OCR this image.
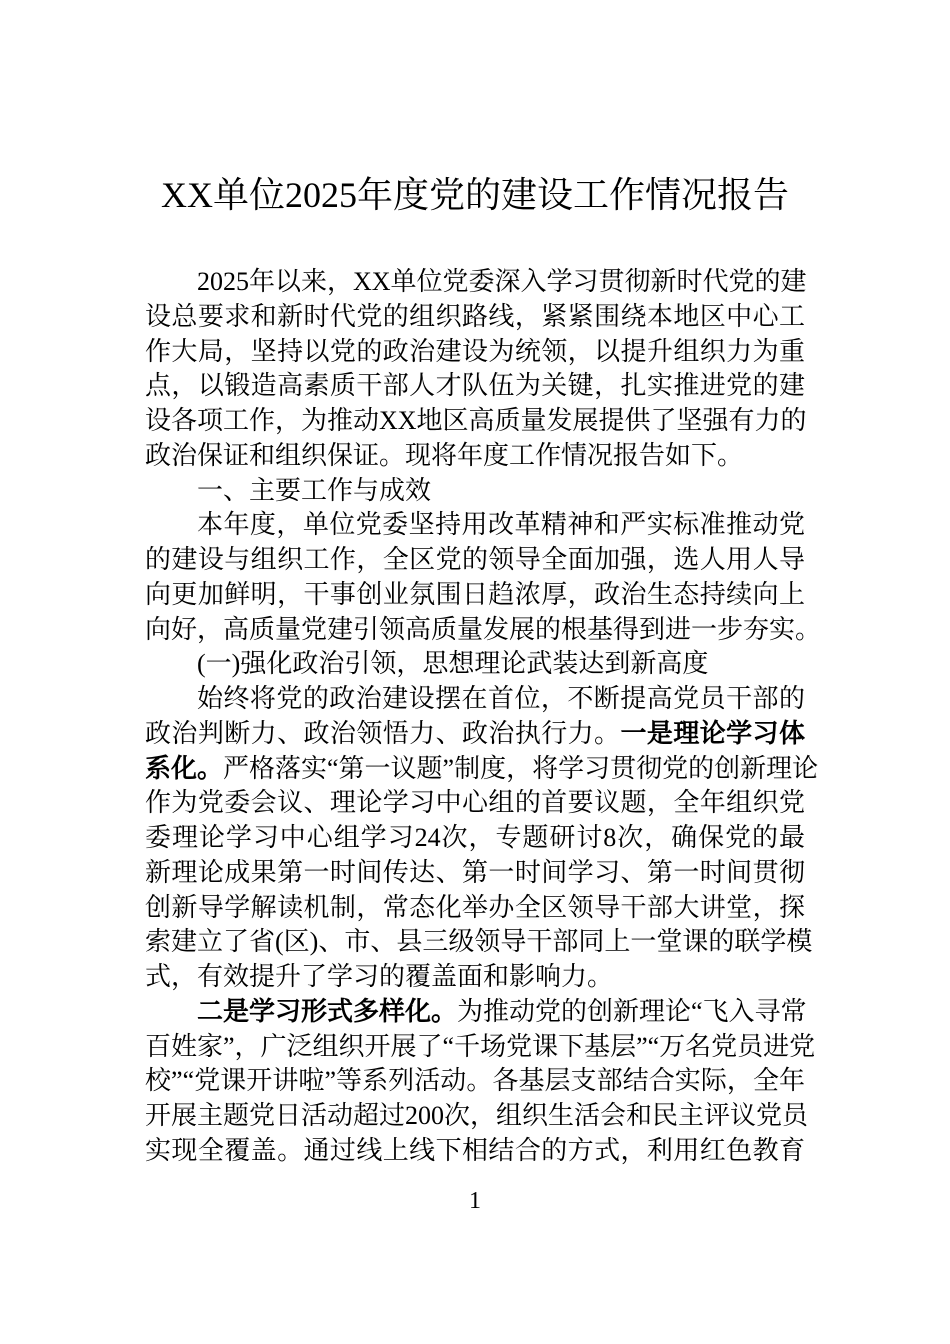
XX单位2025年度党的建设工作情况报告
2025年以来，XX单位党委深入学习贯彻新时代党的建
设总要求和新时代党的组织路线，紧紧围绕本地区中心工
作大局，坚持以党的政治建设为统领，以提升组织力为重
点，以锻造高素质干部人才队伍为关键，扎实推进党的建
设各项工作，为推动XX地区高质量发展提供了坚强有力的
政治保证和组织保证。现将年度工作情况报告如下。
一、主要工作与成效
本年度，单位党委坚持用改革精神和严实标准推动党
的建设与组织工作，全区党的领导全面加强，选人用人导
向更加鲜明，干事创业氛围日趋浓厚，政治生态持续向上
向好，高质量党建引领高质量发展的根基得到进一步夯实。
(一)强化政治引领，思想理论武装达到新高度
始终将党的政治建设摆在首位，不断提高党员干部的
政治判断力、政治领悟力、政治执行力。一是理论学习体
系化。严格落实“第一议题”制度，将学习贯彻党的创新理论
作为党委会议、理论学习中心组的首要议题，全年组织党
委理论学习中心组学习24次，专题研讨8次，确保党的最
新理论成果第一时间传达、第一时间学习、第一时间贯彻
创新导学解读机制，常态化举办全区领导干部大讲堂，探
索建立了省(区)、市、县三级领导干部同上一堂课的联学模
式，有效提升了学习的覆盖面和影响力。
二是学习形式多样化。为推动党的创新理论“飞入寻常
百姓家”，广泛组织开展了“千场党课下基层”“万名党员进党
校”“党课开讲啦”等系列活动。各基层支部结合实际，全年
开展主题党日活动超过200次，组织生活会和民主评议党员
实现全覆盖。通过线上线下相结合的方式，利用红色教育
1
